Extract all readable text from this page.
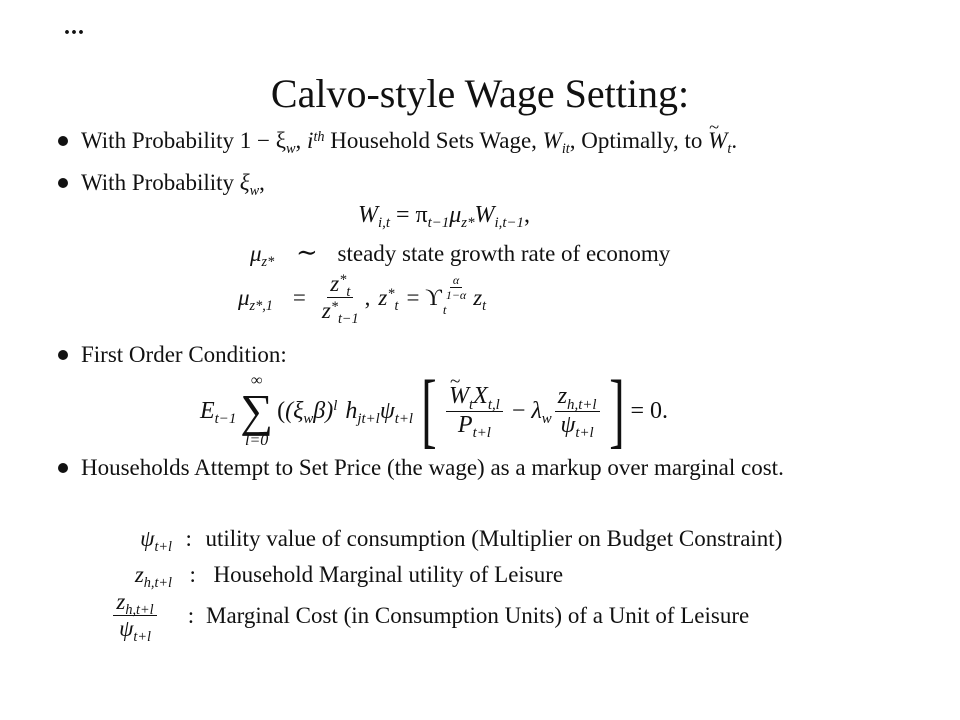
...
Calvo-style Wage Setting:
With Probability $1 - \xi_w$, $i^{th}$ Household Sets Wage, $W_{it}$, Optimally, to ~ $W_t$.
With Probability $\xi_w$,
$W_{i,t} = \pi_{t-1}\mu_{z*}W_{i,t-1}$,
$\mu_{z*}$ ∼ steady state growth rate of economy
$\mu_{z*,1} = \frac{z^*_t}{z^*_{t-1}}$ , $z^*_t = ϒ \frac{\alpha}{1-\alpha}$
t	$z_t$
First Order Condition:
$E_{t-1}$
∞
∑
l=0
($(\xi_w\beta)^l$ $h_{jt+l}\psi_{t+l}$ [ ~ $\frac{W_tX_{t,l}}{P_{t+l}} - \lambda_w \frac{z_{h,t+l}}{\psi_{t+l}}$ ] = 0.
Households Attempt to Set Price (the wage) as a markup over marginal cost.
$\psi_{t+l}$ : utility value of consumption (Multiplier on Budget Constraint)
$z_{h,t+l}$ : Household Marginal utility of Leisure
$\frac{z_{h,t+l}}{\psi_{t+l}}$ : Marginal Cost (in Consumption Units) of a Unit of Leisure
